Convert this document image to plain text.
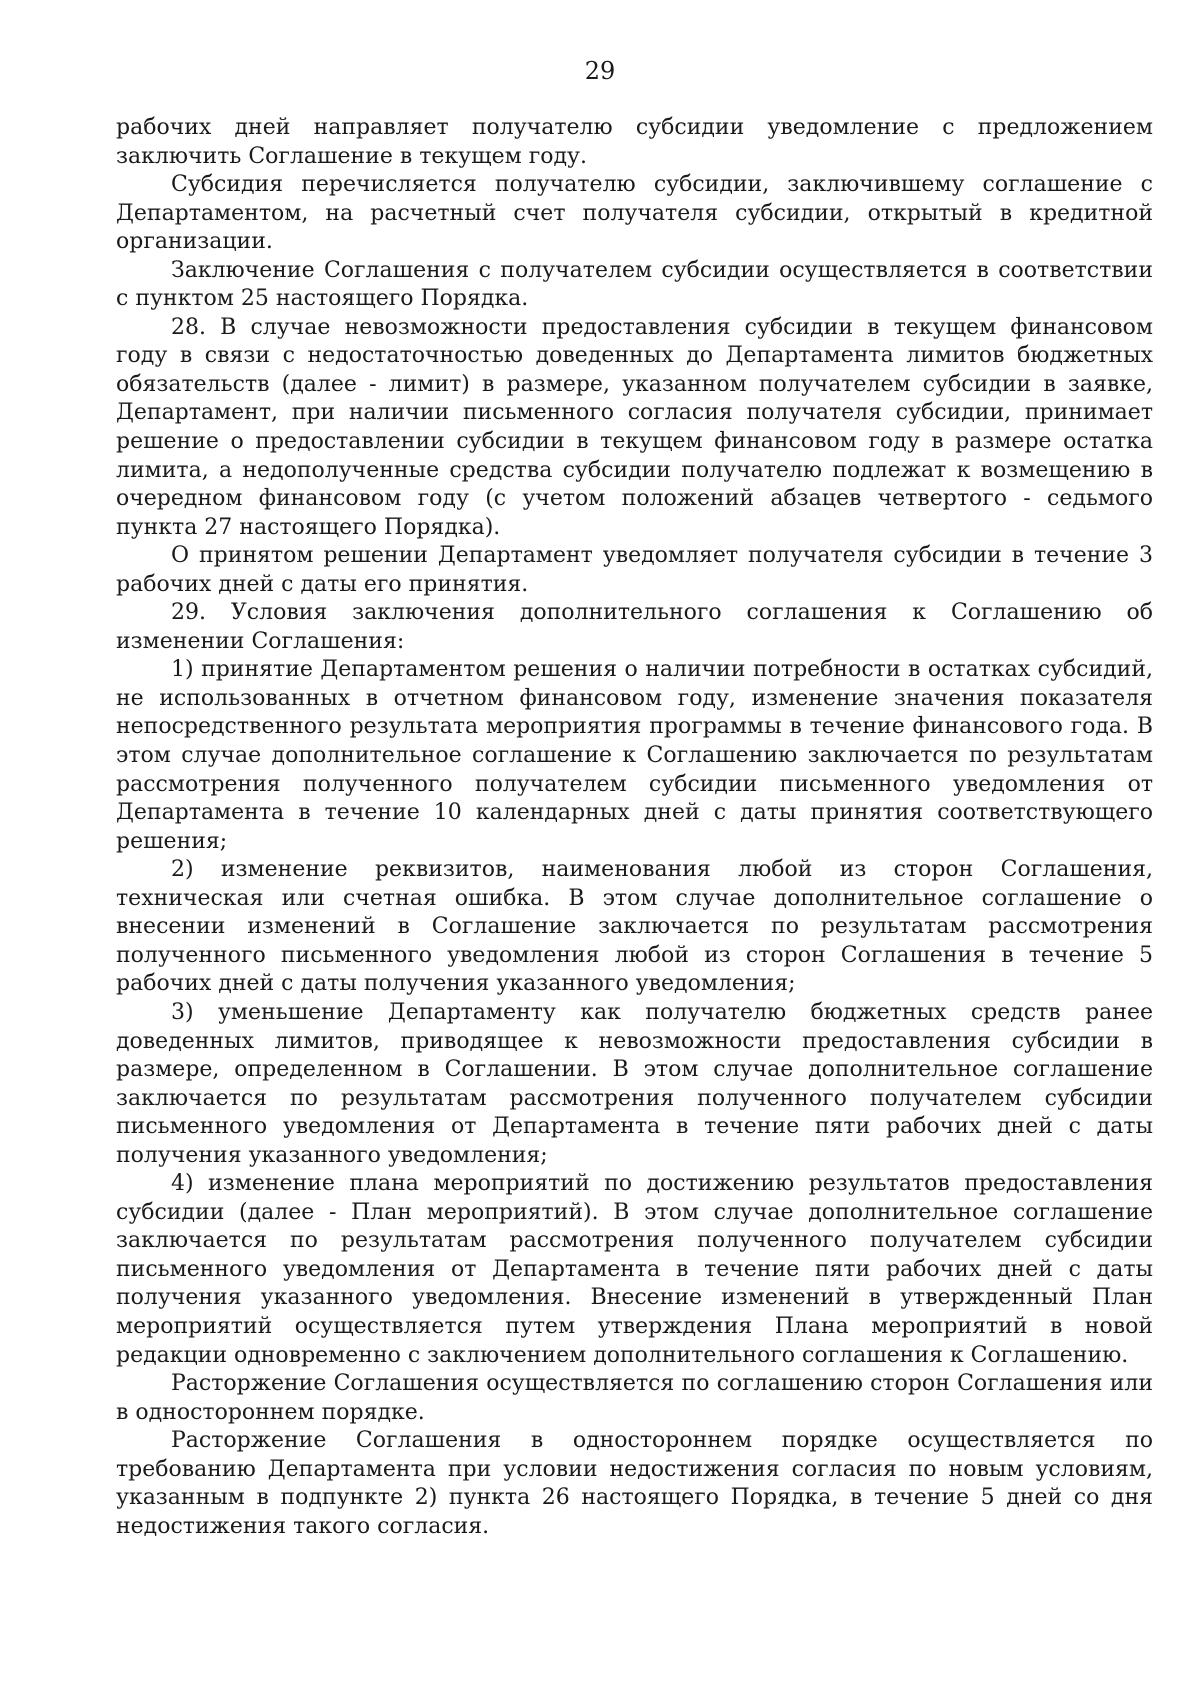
29

рабочих дней направляет получателю субсидии уведомление с предложением заключить Соглашение в текущем году.

Субсидия перечисляется получателю субсидии, заключившему соглашение с Департаментом, на расчетный счет получателя субсидии, открытый в кредитной организации.

Заключение Соглашения с получателем субсидии осуществляется в соответствии с пунктом 25 настоящего Порядка.

28. В случае невозможности предоставления субсидии в текущем финансовом году в связи с недостаточностью доведенных до Департамента лимитов бюджетных обязательств (далее - лимит) в размере, указанном получателем субсидии в заявке, Департамент, при наличии письменного согласия получателя субсидии, принимает решение о предоставлении субсидии в текущем финансовом году в размере остатка лимита, а недополученные средства субсидии получателю подлежат к возмещению в очередном финансовом году (с учетом положений абзацев четвертого - седьмого пункта 27 настоящего Порядка).

О принятом решении Департамент уведомляет получателя субсидии в течение 3 рабочих дней с даты его принятия.

29. Условия заключения дополнительного соглашения к Соглашению об изменении Соглашения:

1) принятие Департаментом решения о наличии потребности в остатках субсидий, не использованных в отчетном финансовом году, изменение значения показателя непосредственного результата мероприятия программы в течение финансового года. В этом случае дополнительное соглашение к Соглашению заключается по результатам рассмотрения полученного получателем субсидии письменного уведомления от Департамента в течение 10 календарных дней с даты принятия соответствующего решения;

2) изменение реквизитов, наименования любой из сторон Соглашения, техническая или счетная ошибка. В этом случае дополнительное соглашение о внесении изменений в Соглашение заключается по результатам рассмотрения полученного письменного уведомления любой из сторон Соглашения в течение 5 рабочих дней с даты получения указанного уведомления;

3) уменьшение Департаменту как получателю бюджетных средств ранее доведенных лимитов, приводящее к невозможности предоставления субсидии в размере, определенном в Соглашении. В этом случае дополнительное соглашение заключается по результатам рассмотрения полученного получателем субсидии письменного уведомления от Департамента в течение пяти рабочих дней с даты получения указанного уведомления;

4) изменение плана мероприятий по достижению результатов предоставления субсидии (далее - План мероприятий). В этом случае дополнительное соглашение заключается по результатам рассмотрения полученного получателем субсидии письменного уведомления от Департамента в течение пяти рабочих дней с даты получения указанного уведомления. Внесение изменений в утвержденный План мероприятий осуществляется путем утверждения Плана мероприятий в новой редакции одновременно с заключением дополнительного соглашения к Соглашению.

Расторжение Соглашения осуществляется по соглашению сторон Соглашения или в одностороннем порядке.

Расторжение Соглашения в одностороннем порядке осуществляется по требованию Департамента при условии недостижения согласия по новым условиям, указанным в подпункте 2) пункта 26 настоящего Порядка, в течение 5 дней со дня недостижения такого согласия.
